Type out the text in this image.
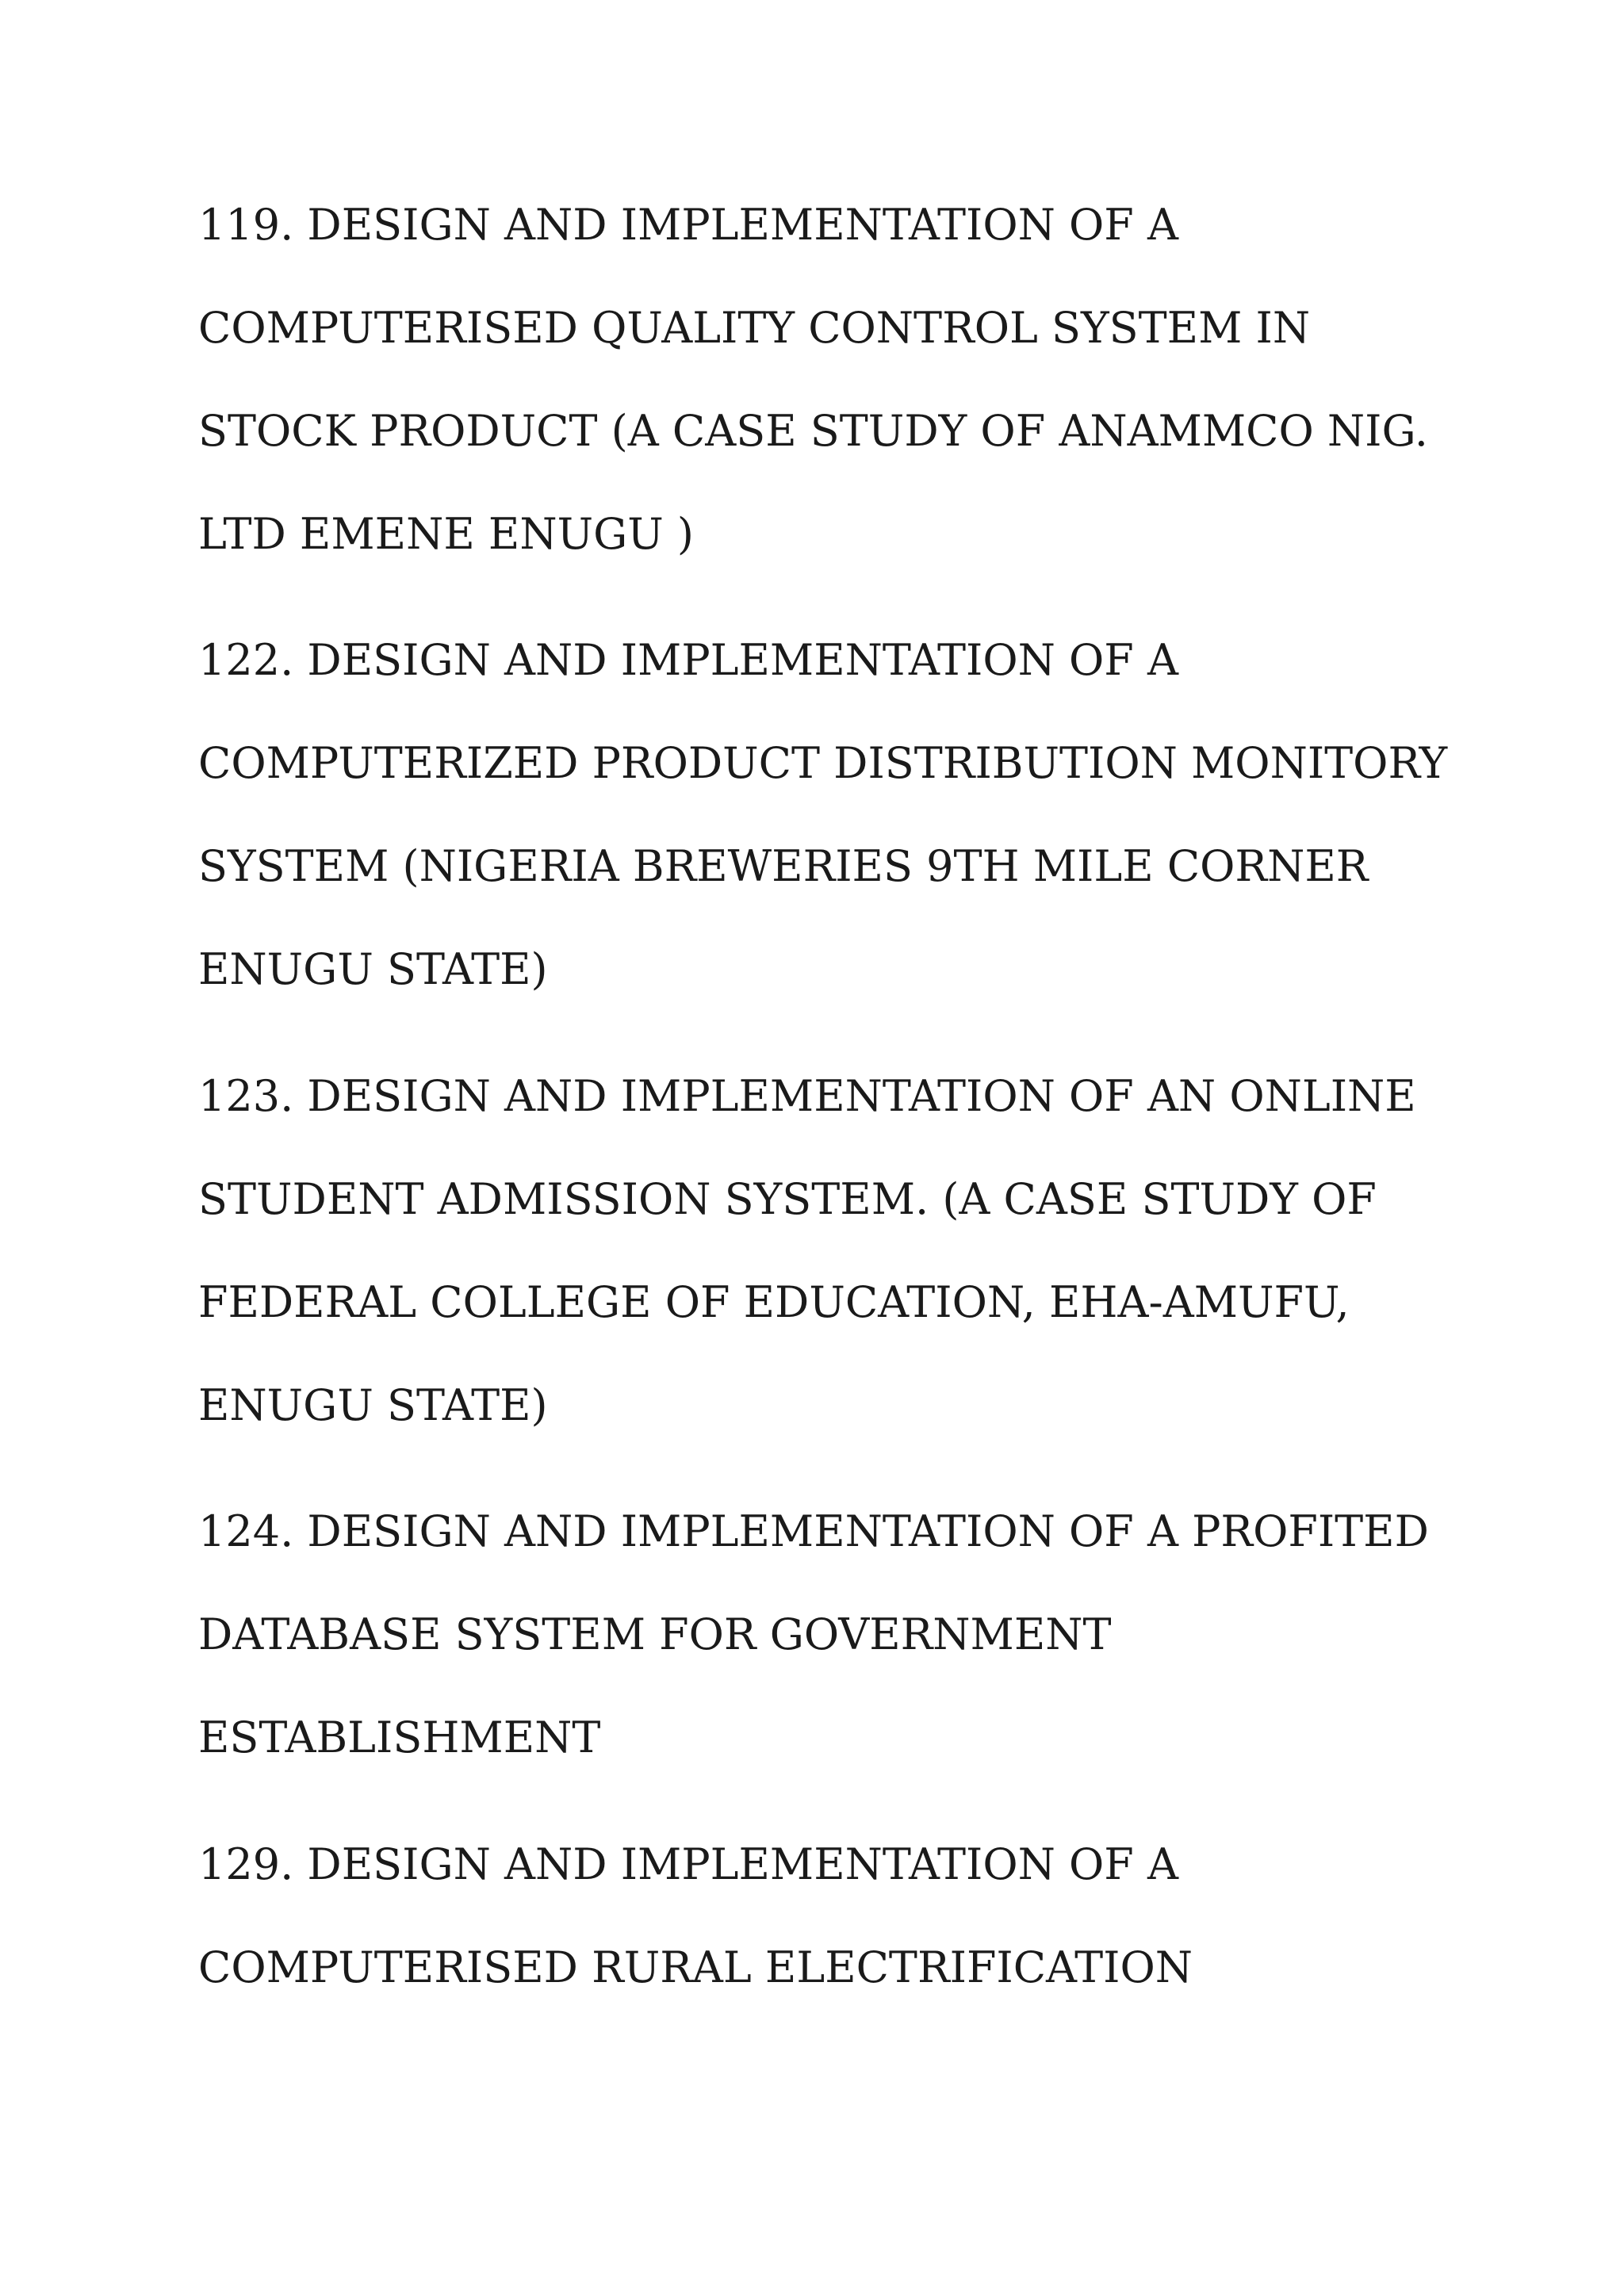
119. DESIGN AND IMPLEMENTATION OF A
COMPUTERISED QUALITY CONTROL SYSTEM IN
STOCK PRODUCT (A CASE STUDY OF ANAMMCO NIG.
LTD EMENE ENUGU )
122. DESIGN AND IMPLEMENTATION OF A
COMPUTERIZED PRODUCT DISTRIBUTION MONITORY
SYSTEM (NIGERIA BREWERIES 9TH MILE CORNER
ENUGU STATE)
123. DESIGN AND IMPLEMENTATION OF AN ONLINE
STUDENT ADMISSION SYSTEM. (A CASE STUDY OF
FEDERAL COLLEGE OF EDUCATION, EHA-AMUFU,
ENUGU STATE)
124. DESIGN AND IMPLEMENTATION OF A PROFITED
DATABASE SYSTEM FOR GOVERNMENT
ESTABLISHMENT
129. DESIGN AND IMPLEMENTATION OF A
COMPUTERISED RURAL ELECTRIFICATION
